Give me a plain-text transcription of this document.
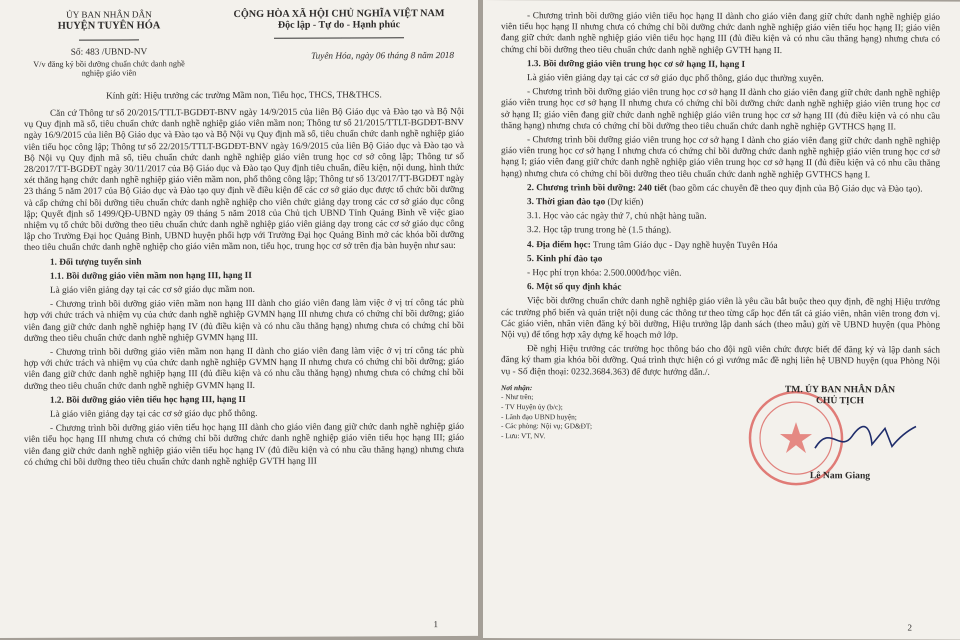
ỦY BAN NHÂN DÂN
HUYỆN TUYÊN HÓA
Số: 483 /UBND-NV
V/v đăng ký bồi dưỡng chuẩn chức danh nghề nghiệp giáo viên
CỘNG HÒA XÃ HỘI CHỦ NGHĨA VIỆT NAM
Độc lập - Tự do - Hạnh phúc
Tuyên Hóa, ngày 06 tháng 8 năm 2018
Kính gửi: Hiệu trưởng các trường Mầm non, Tiểu học, THCS, TH&THCS.

Căn cứ Thông tư số 20/2015/TTLT-BGDĐT-BNV ngày 14/9/2015 của liên Bộ Giáo dục và Đào tạo và Bộ Nội vụ Quy định mã số, tiêu chuẩn chức danh nghề nghiệp giáo viên mầm non; Thông tư số 21/2015/TTLT-BGDĐT-BNV ngày 16/9/2015 của liên Bộ Giáo dục và Đào tạo và Bộ Nội vụ Quy định mã số, tiêu chuẩn chức danh nghề nghiệp giáo viên tiểu học công lập; Thông tư số 22/2015/TTLT-BGDĐT-BNV ngày 16/9/2015 của liên Bộ Giáo dục và Đào tạo và Bộ Nội vụ Quy định mã số, tiêu chuẩn chức danh nghề nghiệp giáo viên trung học cơ sở công lập; Thông tư số 28/2017/TT-BGDĐT ngày 30/11/2017 của Bộ Giáo dục và Đào tạo Quy định tiêu chuẩn, điều kiện, nội dung, hình thức xét thăng hạng chức danh nghề nghiệp giáo viên mầm non, phổ thông công lập; Thông tư số 13/2017/TT-BGDĐT ngày 23 tháng 5 năm 2017 của Bộ Giáo dục và Đào tạo quy định về điều kiện để các cơ sở giáo dục được tổ chức bồi dưỡng và cấp chứng chỉ bồi dưỡng tiêu chuẩn chức danh nghề nghiệp cho viên chức giảng dạy trong các cơ sở giáo dục công lập; Quyết định số 1499/QĐ-UBND ngày 09 tháng 5 năm 2018 của Chủ tịch UBND Tỉnh Quảng Bình về việc giao nhiệm vụ tổ chức bồi dưỡng theo tiêu chuẩn chức danh nghề nghiệp giáo viên giảng dạy trong các cơ sở giáo dục công lập cho Trường Đại học Quảng Bình, UBND huyện phối hợp với Trường Đại học Quảng Bình mở các khóa bồi dưỡng theo tiêu chuẩn chức danh nghề nghiệp cho giáo viên mầm non, tiểu học, trung học cơ sở trên địa bàn huyện như sau:

1. Đối tượng tuyển sinh
1.1. Bồi dưỡng giáo viên mầm non hạng III, hạng II

Là giáo viên giảng dạy tại các cơ sở giáo dục mầm non.

- Chương trình bồi dưỡng giáo viên mầm non hạng III dành cho giáo viên đang làm việc ở vị trí công tác phù hợp với chức trách và nhiệm vụ của chức danh nghề nghiệp GVMN hạng III nhưng chưa có chứng chỉ bồi dưỡng; giáo viên đang giữ chức danh nghề nghiệp hạng IV (đủ điều kiện và có nhu cầu thăng hạng) nhưng chưa có chứng chỉ bồi dưỡng theo tiêu chuẩn chức danh nghề nghiệp GVMN hạng III.

- Chương trình bồi dưỡng giáo viên mầm non hạng II dành cho giáo viên đang làm việc ở vị trí công tác phù hợp với chức trách và nhiệm vụ của chức danh nghề nghiệp GVMN hạng II nhưng chưa có chứng chỉ bồi dưỡng; giáo viên đang giữ chức danh nghề nghiệp hạng III (đủ điều kiện và có nhu cầu thăng hạng) nhưng chưa có chứng chỉ bồi dưỡng theo tiêu chuẩn chức danh nghề nghiệp GVMN hạng II.

1.2. Bồi dưỡng giáo viên tiểu học hạng III, hạng II

Là giáo viên giảng dạy tại các cơ sở giáo dục phổ thông.

- Chương trình bồi dưỡng giáo viên tiểu học hạng III dành cho giáo viên đang giữ chức danh nghề nghiệp giáo viên tiểu học hạng III nhưng chưa có chứng chỉ bồi dưỡng chức danh nghề nghiệp giáo viên tiểu học hạng III; giáo viên đang giữ chức danh nghề nghiệp giáo viên tiểu học hạng IV (đủ điều kiện và có nhu cầu thăng hạng) nhưng chưa có chứng chỉ bồi dưỡng theo tiêu chuẩn chức danh nghề nghiệp GVTH hạng III

1

- Chương trình bồi dưỡng giáo viên tiểu học hạng II dành cho giáo viên đang giữ chức danh nghề nghiệp giáo viên tiểu học hạng II nhưng chưa có chứng chỉ bồi dưỡng chức danh nghề nghiệp giáo viên tiểu học hạng II; giáo viên đang giữ chức danh nghề nghiệp giáo viên tiểu học hạng III (đủ điều kiện và có nhu cầu thăng hạng) nhưng chưa có chứng chỉ bồi dưỡng theo tiêu chuẩn chức danh nghề nghiệp GVTH hạng II.

1.3. Bồi dưỡng giáo viên trung học cơ sở hạng II, hạng I

Là giáo viên giảng dạy tại các cơ sở giáo dục phổ thông, giáo dục thường xuyên.

- Chương trình bồi dưỡng giáo viên trung học cơ sở hạng II dành cho giáo viên đang giữ chức danh nghề nghiệp giáo viên trung học cơ sở hạng II nhưng chưa có chứng chỉ bồi dưỡng chức danh nghề nghiệp giáo viên trung học cơ sở hạng II; giáo viên đang giữ chức danh nghề nghiệp giáo viên trung học cơ sở hạng III (đủ điều kiện và có nhu cầu thăng hạng) nhưng chưa có chứng chỉ bồi dưỡng theo tiêu chuẩn chức danh nghề nghiệp GVTHCS hạng II.

- Chương trình bồi dưỡng giáo viên trung học cơ sở hạng I dành cho giáo viên đang giữ chức danh nghề nghiệp giáo viên trung học cơ sở hạng I nhưng chưa có chứng chỉ bồi dưỡng chức danh nghề nghiệp giáo viên trung học cơ sở hạng I; giáo viên đang giữ chức danh nghề nghiệp giáo viên trung học cơ sở hạng II (đủ điều kiện và có nhu cầu thăng hạng) nhưng chưa có chứng chỉ bồi dưỡng theo tiêu chuẩn chức danh nghề nghiệp GVTHCS hạng I.

2. Chương trình bồi dưỡng: 240 tiết (bao gồm các chuyên đề theo quy định của Bộ Giáo dục và Đào tạo).

3. Thời gian đào tạo (Dự kiến)

3.1. Học vào các ngày thứ 7, chủ nhật hàng tuần.

3.2. Học tập trung trong hè (1.5 tháng).

4. Địa điểm học: Trung tâm Giáo dục - Dạy nghề huyện Tuyên Hóa

5. Kinh phí đào tạo

- Học phí trọn khóa: 2.500.000đ/học viên.

6. Một số quy định khác

Việc bồi dưỡng chuẩn chức danh nghề nghiệp giáo viên là yêu cầu bắt buộc theo quy định, đề nghị Hiệu trưởng các trường phổ biến và quán triệt nội dung các thông tư theo từng cấp học đến tất cả giáo viên, nhân viên trong đơn vị. Các giáo viên, nhân viên đăng ký bồi dưỡng, Hiệu trưởng lập danh sách (theo mẫu) gửi về UBND huyện (qua Phòng Nội vụ) để tổng hợp xây dựng kế hoạch mở lớp.

Đề nghị Hiệu trưởng các trường học thông báo cho đội ngũ viên chức được biết để đăng ký và lập danh sách đăng ký tham gia khóa bồi dưỡng. Quá trình thực hiện có gì vướng mắc đề nghị liên hệ UBND huyện (qua Phòng Nội vụ - Số điện thoại: 0232.3684.363) để được hướng dẫn./.

Nơi nhận:
- Như trên;
- TV Huyện ủy (b/c);
- Lãnh đạo UBND huyện;
- Các phòng: Nội vụ; GD&ĐT;
- Lưu: VT, NV.
TM. ỦY BAN NHÂN DÂN
CHỦ TỊCH
Lê Nam Giang
2
